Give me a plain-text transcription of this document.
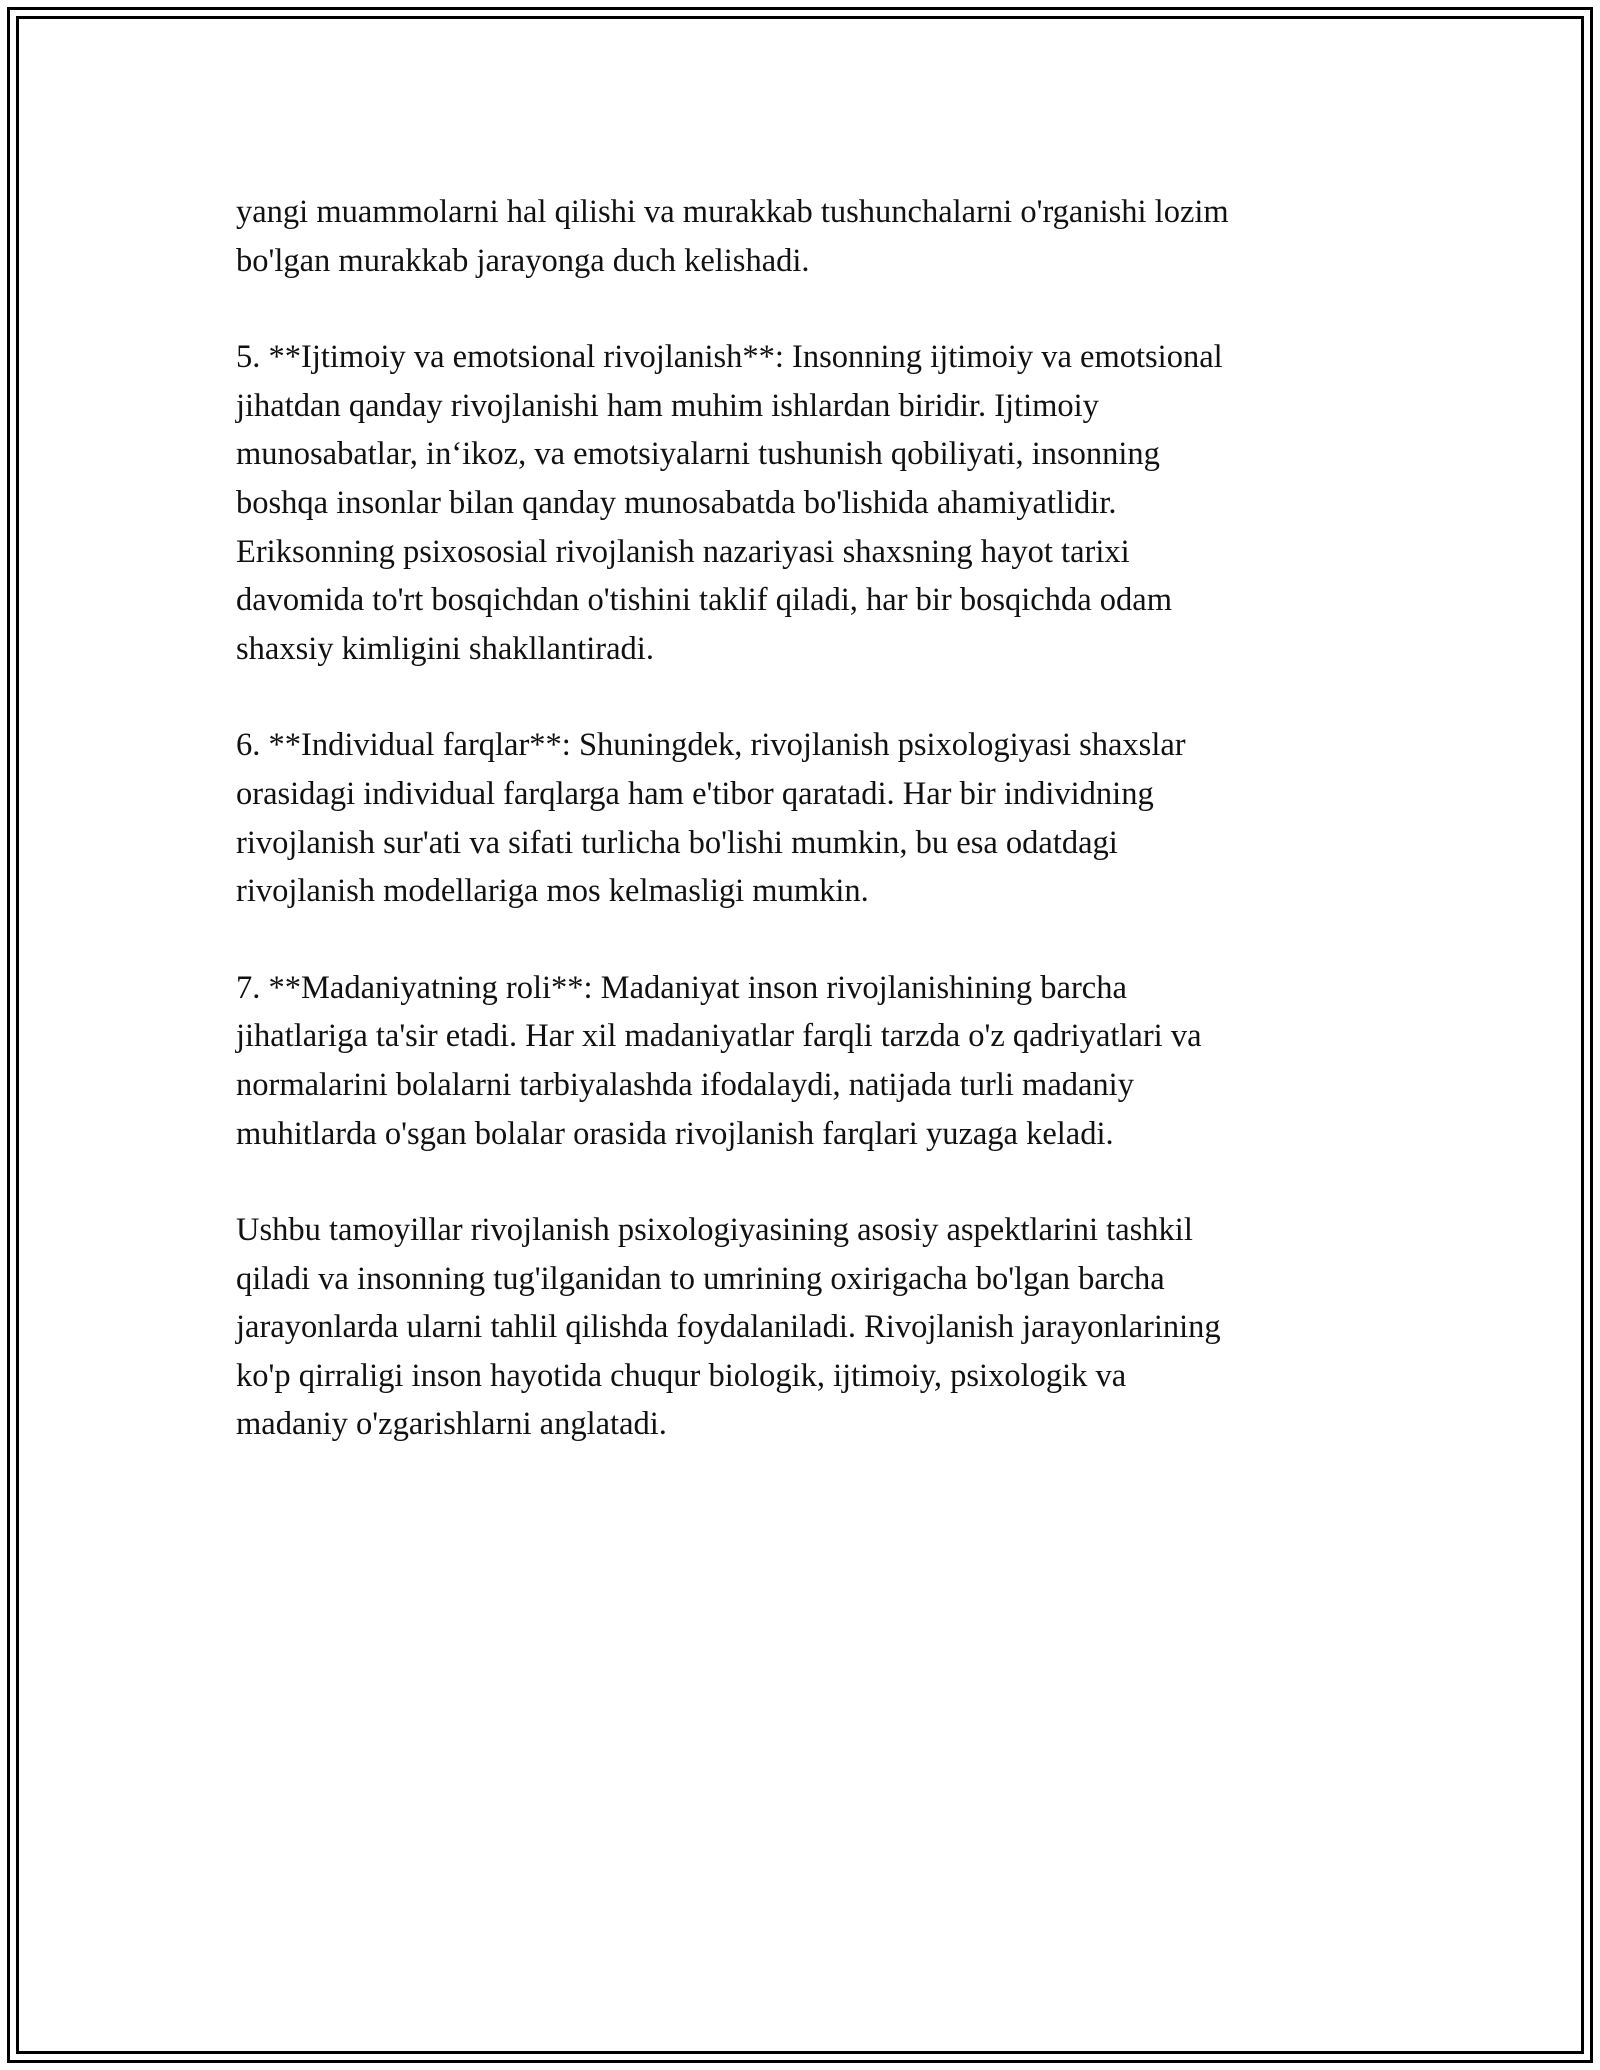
yangi muammolarni hal qilishi va murakkab tushunchalarni o'rganishi lozim
bo'lgan murakkab jarayonga duch kelishadi.

5. **Ijtimoiy va emotsional rivojlanish**: Insonning ijtimoiy va emotsional
jihatdan qanday rivojlanishi ham muhim ishlardan biridir. Ijtimoiy
munosabatlar, in‘ikoz, va emotsiyalarni tushunish qobiliyati, insonning
boshqa insonlar bilan qanday munosabatda bo'lishida ahamiyatlidir.
Eriksonning psixososial rivojlanish nazariyasi shaxsning hayot tarixi
davomida to'rt bosqichdan o'tishini taklif qiladi, har bir bosqichda odam
shaxsiy kimligini shakllantiradi.

6. **Individual farqlar**: Shuningdek, rivojlanish psixologiyasi shaxslar
orasidagi individual farqlarga ham e'tibor qaratadi. Har bir individning
rivojlanish sur'ati va sifati turlicha bo'lishi mumkin, bu esa odatdagi
rivojlanish modellariga mos kelmasligi mumkin.

7. **Madaniyatning roli**: Madaniyat inson rivojlanishining barcha
jihatlariga ta'sir etadi. Har xil madaniyatlar farqli tarzda o'z qadriyatlari va
normalarini bolalarni tarbiyalashda ifodalaydi, natijada turli madaniy
muhitlarda o'sgan bolalar orasida rivojlanish farqlari yuzaga keladi.

Ushbu tamoyillar rivojlanish psixologiyasining asosiy aspektlarini tashkil
qiladi va insonning tug'ilganidan to umrining oxirigacha bo'lgan barcha
jarayonlarda ularni tahlil qilishda foydalaniladi. Rivojlanish jarayonlarining
ko'p qirraligi inson hayotida chuqur biologik, ijtimoiy, psixologik va
madaniy o'zgarishlarni anglatadi.
